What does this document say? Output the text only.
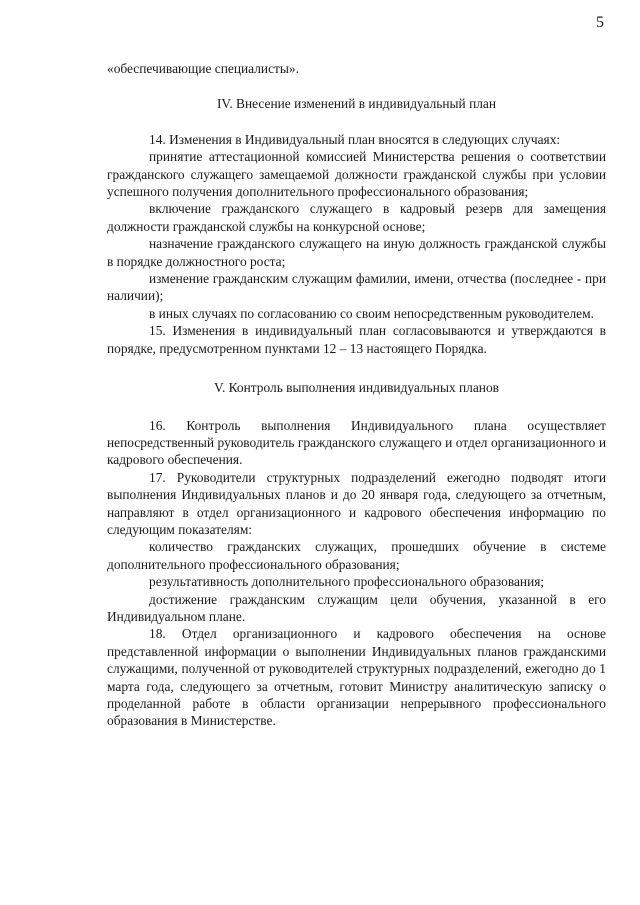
5

«обеспечивающие специалисты».

IV. Внесение изменений в индивидуальный план

14. Изменения в Индивидуальный план вносятся в следующих случаях:

принятие аттестационной комиссией Министерства решения о соответствии гражданского служащего замещаемой должности гражданской службы при условии успешного получения дополнительного профессионального образования;

включение гражданского служащего в кадровый резерв для замещения должности гражданской службы на конкурсной основе;

назначение гражданского служащего на иную должность гражданской службы в порядке должностного роста;

изменение гражданским служащим фамилии, имени, отчества (последнее - при наличии);

в иных случаях по согласованию со своим непосредственным руководителем.

15. Изменения в индивидуальный план согласовываются и утверждаются в порядке, предусмотренном пунктами 12 – 13 настоящего Порядка.

V. Контроль выполнения индивидуальных планов

16. Контроль выполнения Индивидуального плана осуществляет непосредственный руководитель гражданского служащего и отдел организационного и кадрового обеспечения.

17. Руководители структурных подразделений ежегодно подводят итоги выполнения Индивидуальных планов и до 20 января года, следующего за отчетным, направляют в отдел организационного и кадрового обеспечения информацию по следующим показателям:

количество гражданских служащих, прошедших обучение в системе дополнительного профессионального образования;

результативность дополнительного профессионального образования;

достижение гражданским служащим цели обучения, указанной в его Индивидуальном плане.

18. Отдел организационного и кадрового обеспечения на основе представленной информации о выполнении Индивидуальных планов гражданскими служащими, полученной от руководителей структурных подразделений, ежегодно до 1 марта года, следующего за отчетным, готовит Министру аналитическую записку о проделанной работе в области организации непрерывного профессионального образования в Министерстве.
